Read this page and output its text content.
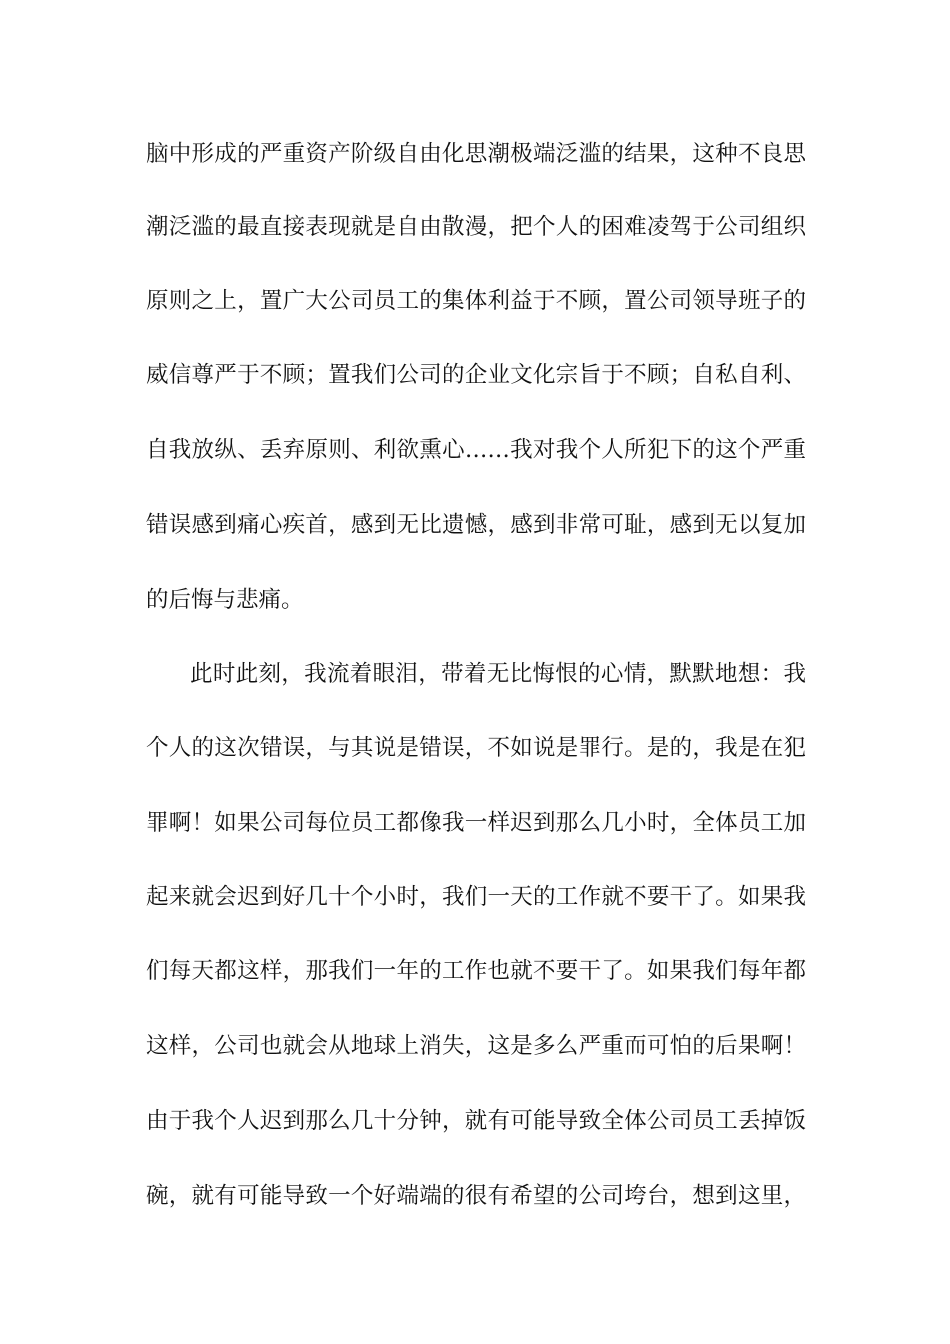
脑中形成的严重资产阶级自由化思潮极端泛滥的结果，这种不良思
潮泛滥的最直接表现就是自由散漫，把个人的困难凌驾于公司组织
原则之上，置广大公司员工的集体利益于不顾，置公司领导班子的
威信尊严于不顾；置我们公司的企业文化宗旨于不顾；自私自利、
自我放纵、丢弃原则、利欲熏心……我对我个人所犯下的这个严重
错误感到痛心疾首，感到无比遗憾，感到非常可耻，感到无以复加
的后悔与悲痛。
此时此刻，我流着眼泪，带着无比悔恨的心情，默默地想：我
个人的这次错误，与其说是错误，不如说是罪行。是的，我是在犯
罪啊！如果公司每位员工都像我一样迟到那么几小时，全体员工加
起来就会迟到好几十个小时，我们一天的工作就不要干了。如果我
们每天都这样，那我们一年的工作也就不要干了。如果我们每年都
这样，公司也就会从地球上消失，这是多么严重而可怕的后果啊！
由于我个人迟到那么几十分钟，就有可能导致全体公司员工丢掉饭
碗，就有可能导致一个好端端的很有希望的公司垮台，想到这里，
